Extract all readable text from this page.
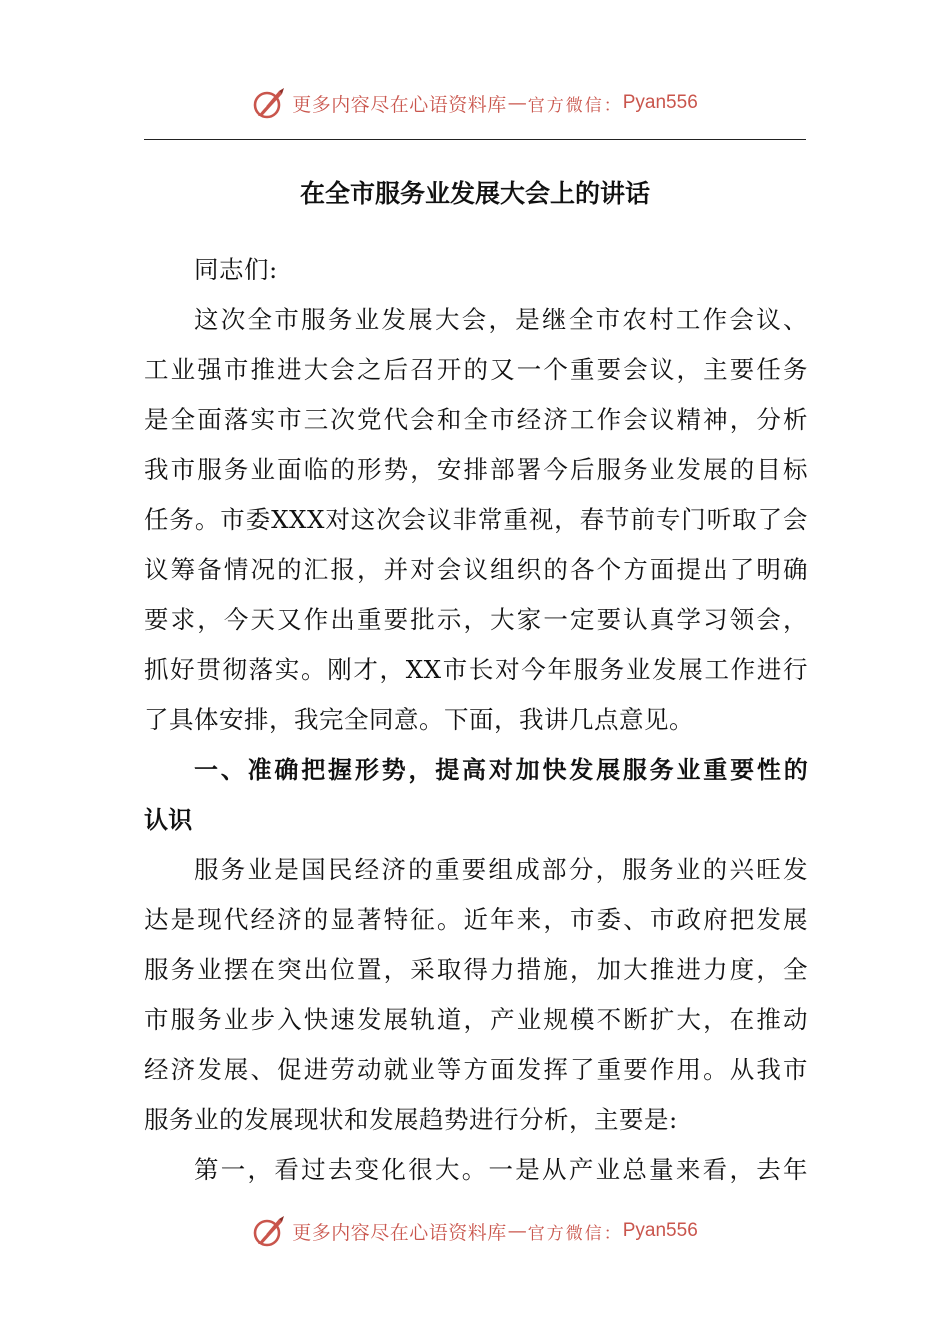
更多内容尽在心语资料库 — 官方微信： Pyan556
在全市服务业发展大会上的讲话
同志们:
这次全市服务业发展大会，是继全市农村工作会议、
工业强市推进大会之后召开的又一个重要会议，主要任务
是全面落实市三次党代会和全市经济工作会议精神，分析
我市服务业面临的形势，安排部署今后服务业发展的目标
任务。市委XXX对这次会议非常重视，春节前专门听取了会
议筹备情况的汇报，并对会议组织的各个方面提出了明确
要求，今天又作出重要批示，大家一定要认真学习领会，
抓好贯彻落实。刚才，XX市长对今年服务业发展工作进行
了具体安排，我完全同意。下面，我讲几点意见。
一、准确把握形势，提高对加快发展服务业重要性的
认识
服务业是国民经济的重要组成部分，服务业的兴旺发
达是现代经济的显著特征。近年来，市委、市政府把发展
服务业摆在突出位置，采取得力措施，加大推进力度，全
市服务业步入快速发展轨道，产业规模不断扩大，在推动
经济发展、促进劳动就业等方面发挥了重要作用。从我市
服务业的发展现状和发展趋势进行分析，主要是:
第一，看过去变化很大。一是从产业总量来看，去年
更多内容尽在心语资料库 — 官方微信： Pyan556
